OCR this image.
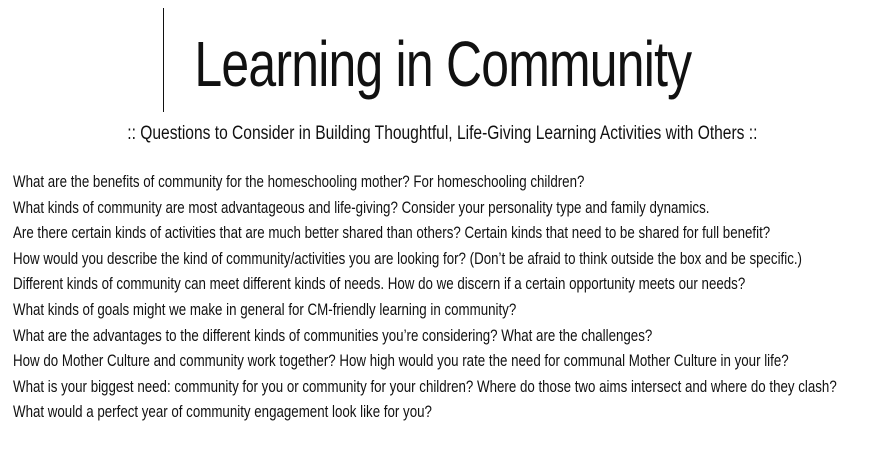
Learning in Community
:: Questions to Consider in Building Thoughtful, Life-Giving Learning Activities with Others ::
What are the benefits of community for the homeschooling mother? For homeschooling children?
What kinds of community are most advantageous and life-giving? Consider your personality type and family dynamics.
Are there certain kinds of activities that are much better shared than others? Certain kinds that need to be shared for full benefit?
How would you describe the kind of community/activities you are looking for? (Don’t be afraid to think outside the box and be specific.)
Different kinds of community can meet different kinds of needs. How do we discern if a certain opportunity meets our needs?
What kinds of goals might we make in general for CM-friendly learning in community?
What are the advantages to the different kinds of communities you’re considering? What are the challenges?
How do Mother Culture and community work together? How high would you rate the need for communal Mother Culture in your life?
What is your biggest need: community for you or community for your children? Where do those two aims intersect and where do they clash?
What would a perfect year of community engagement look like for you?
